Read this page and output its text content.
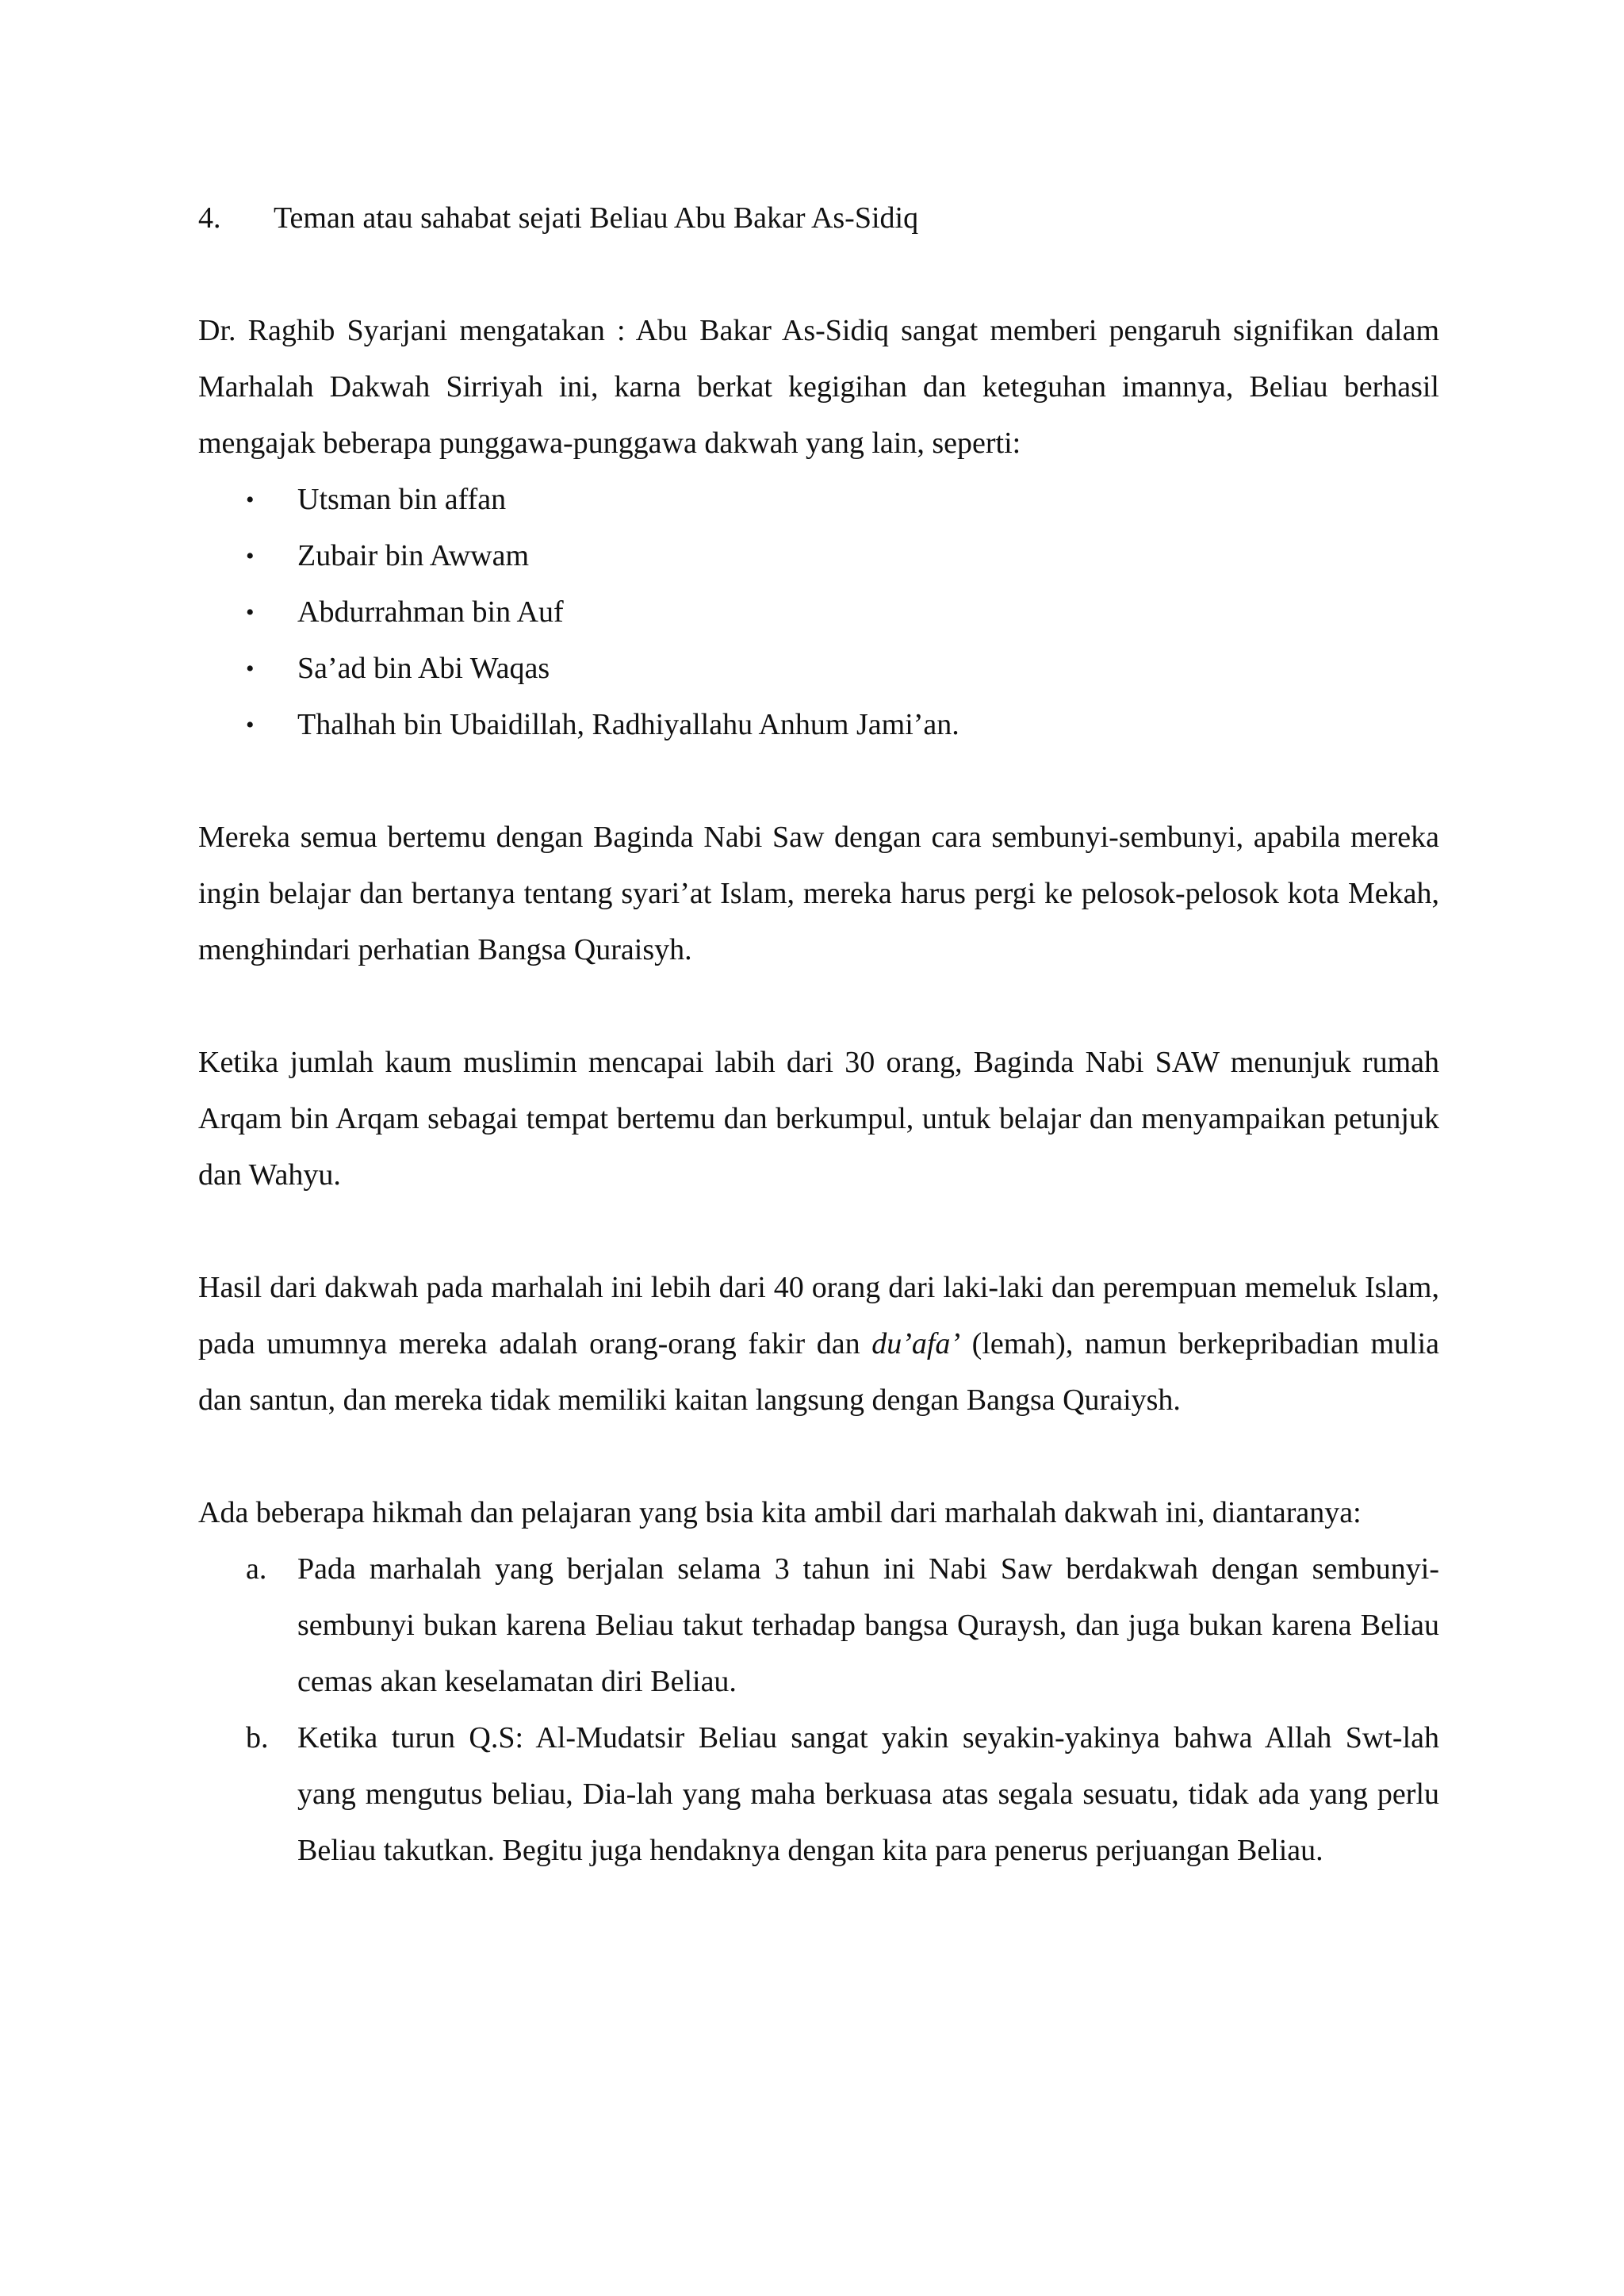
4.	Teman atau sahabat sejati Beliau Abu Bakar As-Sidiq

Dr. Raghib Syarjani mengatakan : Abu Bakar As-Sidiq sangat memberi pengaruh signifikan dalam Marhalah Dakwah Sirriyah ini, karna berkat kegigihan dan keteguhan imannya, Beliau berhasil mengajak beberapa punggawa-punggawa dakwah yang lain, seperti:

• Utsman bin affan
• Zubair bin Awwam
• Abdurrahman bin Auf
• Sa’ad bin Abi Waqas
• Thalhah bin Ubaidillah, Radhiyallahu Anhum Jami’an.

Mereka semua bertemu dengan Baginda Nabi Saw dengan cara sembunyi-sembunyi, apabila mereka ingin belajar dan bertanya tentang syari’at Islam, mereka harus pergi ke pelosok-pelosok kota Mekah, menghindari perhatian Bangsa Quraisyh.

Ketika jumlah kaum muslimin mencapai labih dari 30 orang, Baginda Nabi SAW menunjuk rumah Arqam bin Arqam sebagai tempat bertemu dan berkumpul, untuk belajar dan menyampaikan petunjuk dan Wahyu.

Hasil dari dakwah pada marhalah ini lebih dari 40 orang dari laki-laki dan perempuan memeluk Islam, pada umumnya mereka adalah orang-orang fakir dan du’afa’ (lemah), namun berkepribadian mulia dan santun, dan mereka tidak memiliki kaitan langsung dengan Bangsa Quraiysh.

Ada beberapa hikmah dan pelajaran yang bsia kita ambil dari marhalah dakwah ini, diantaranya:

a. Pada marhalah yang berjalan selama 3 tahun ini Nabi Saw berdakwah dengan sembunyi-sembunyi bukan karena Beliau takut terhadap bangsa Quraysh, dan juga bukan karena Beliau cemas akan keselamatan diri Beliau.
b. Ketika turun Q.S: Al-Mudatsir Beliau sangat yakin seyakin-yakinya bahwa Allah Swt-lah yang mengutus beliau, Dia-lah yang maha berkuasa atas segala sesuatu, tidak ada yang perlu Beliau takutkan. Begitu juga hendaknya dengan kita para penerus perjuangan Beliau.
